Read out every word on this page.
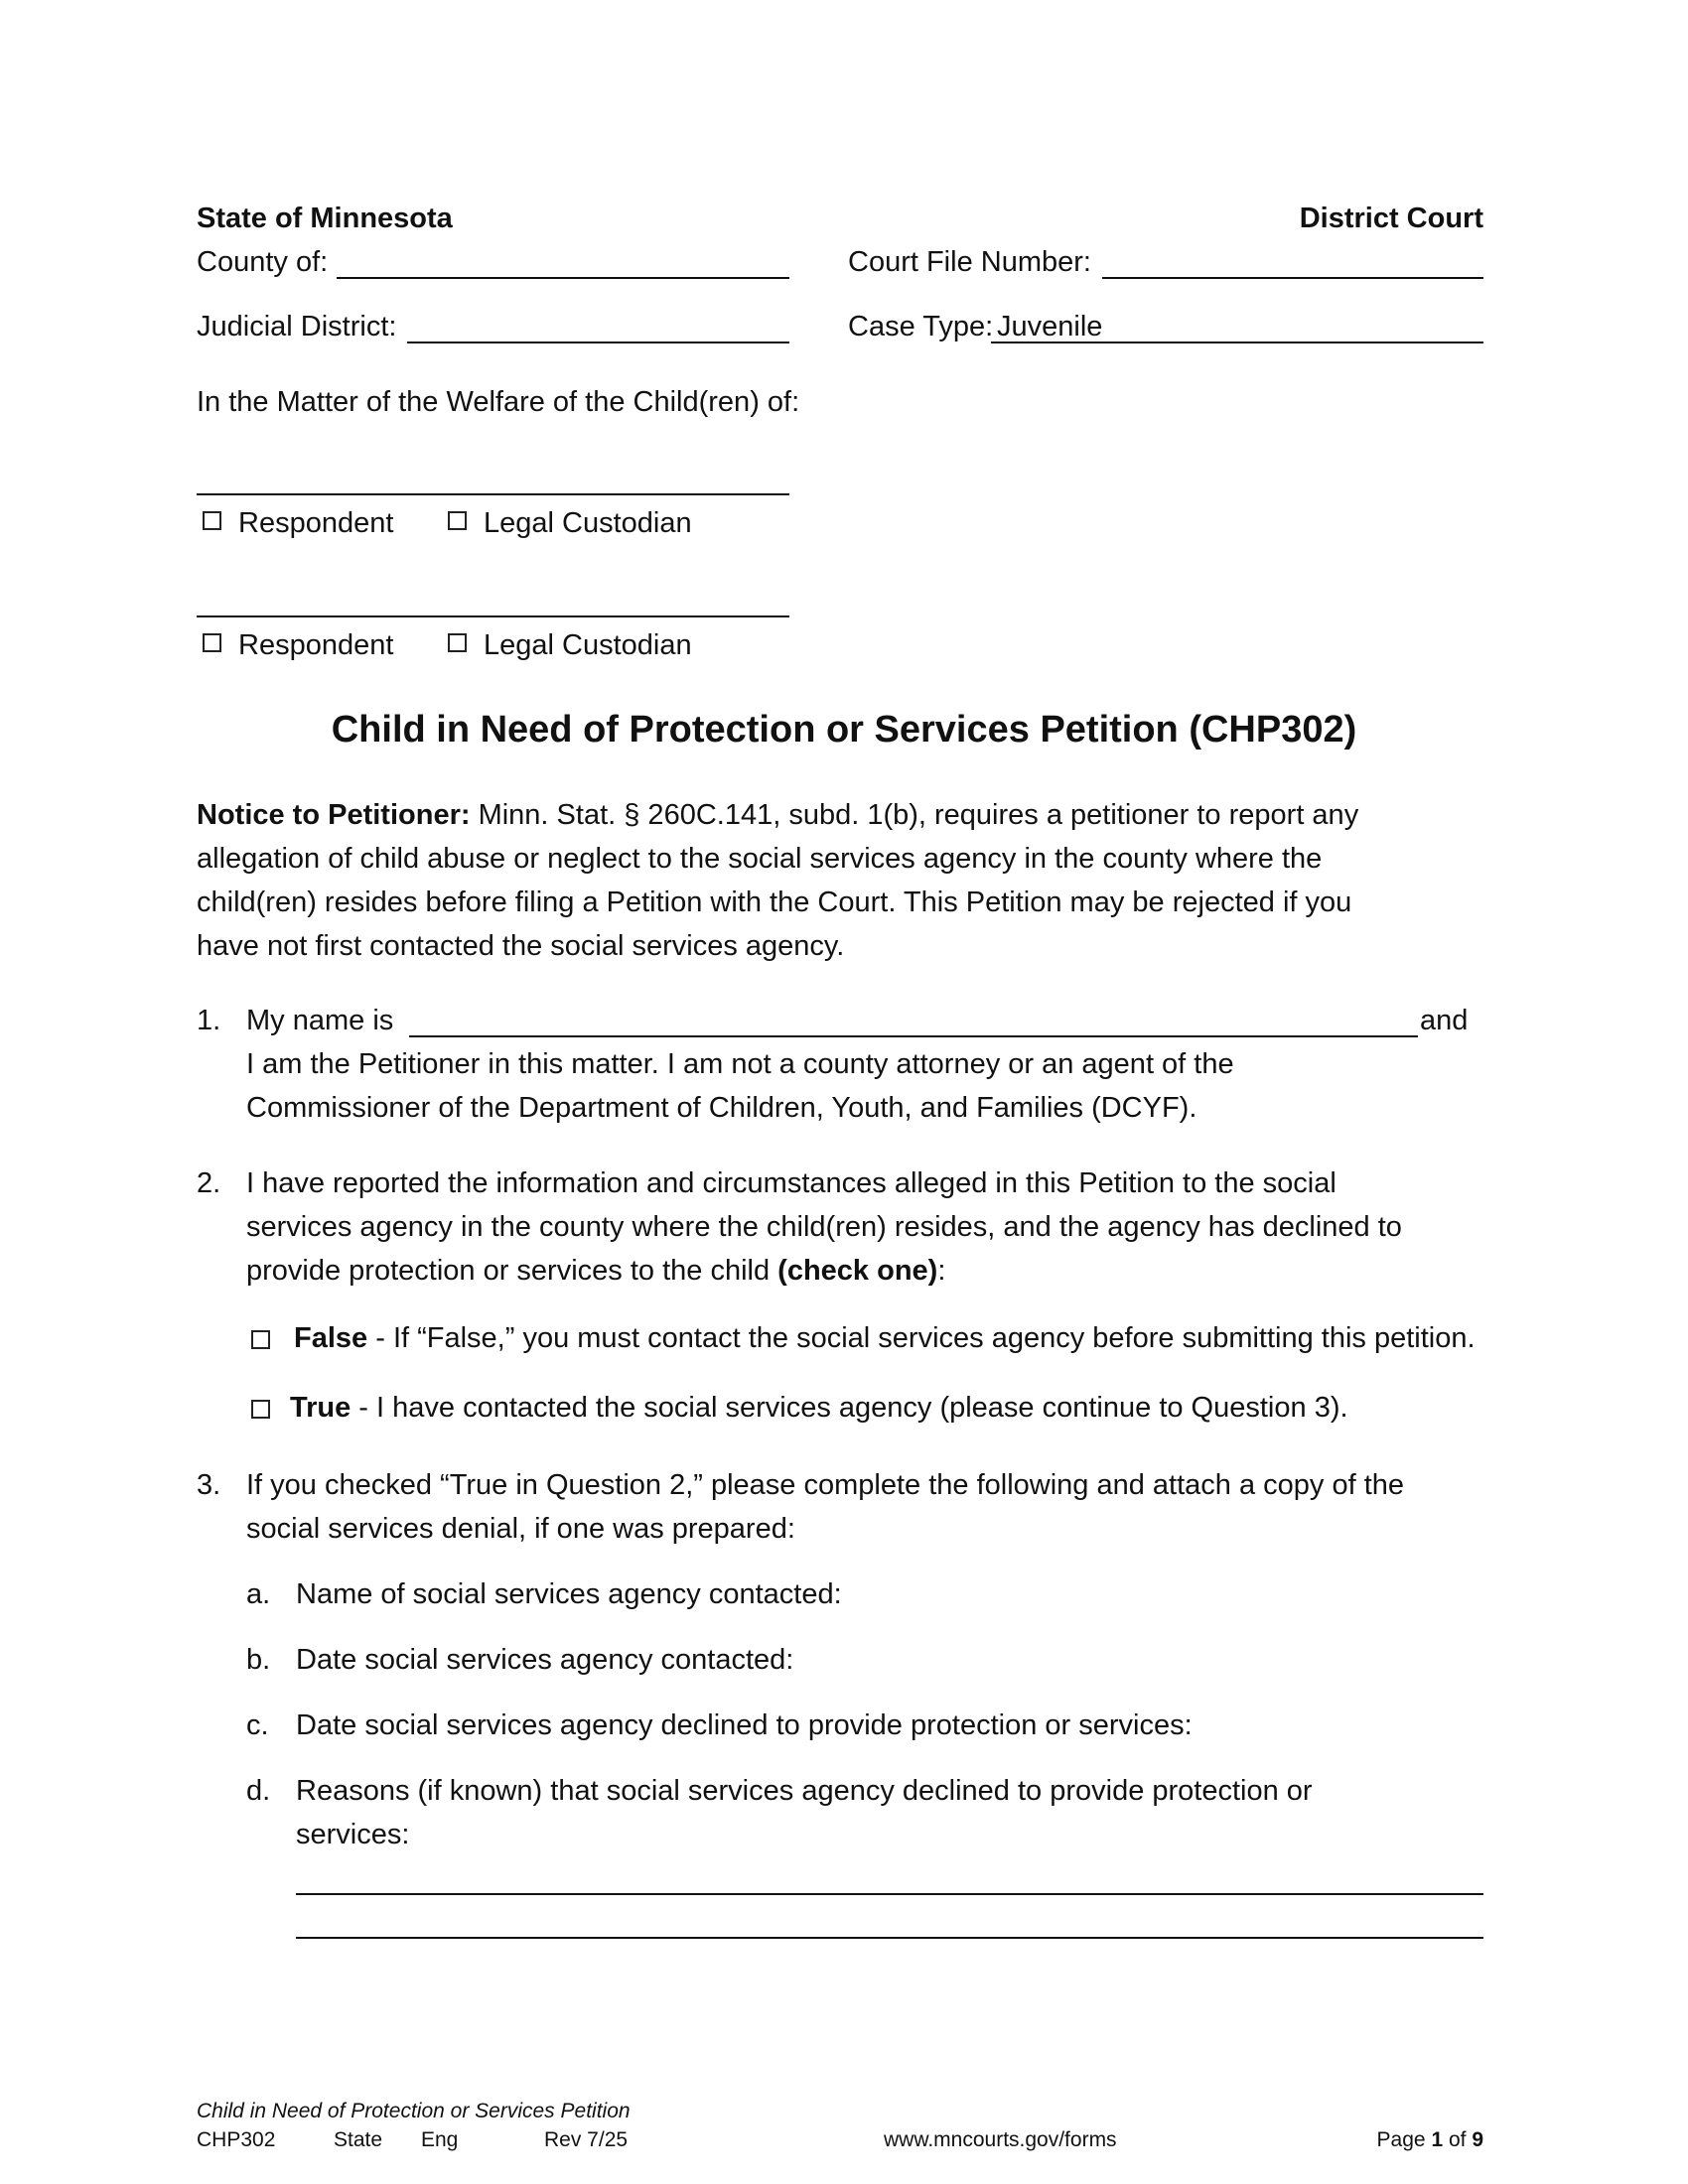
State of Minnesota	District Court
County of:	Court File Number:
Judicial District:	Case Type: Juvenile
In the Matter of the Welfare of the Child(ren) of:
Respondent	Legal Custodian
Respondent	Legal Custodian
Child in Need of Protection or Services Petition (CHP302)
Notice to Petitioner: Minn. Stat. § 260C.141, subd. 1(b), requires a petitioner to report any
allegation of child abuse or neglect to the social services agency in the county where the
child(ren) resides before filing a Petition with the Court. This Petition may be rejected if you
have not first contacted the social services agency.
1. My name is	and
I am the Petitioner in this matter. I am not a county attorney or an agent of the
Commissioner of the Department of Children, Youth, and Families (DCYF).
2. I have reported the information and circumstances alleged in this Petition to the social
services agency in the county where the child(ren) resides, and the agency has declined to
provide protection or services to the child (check one):
False - If “False,” you must contact the social services agency before submitting this petition.
True - I have contacted the social services agency (please continue to Question 3).
3. If you checked “True in Question 2,” please complete the following and attach a copy of the
social services denial, if one was prepared:
a. Name of social services agency contacted:
b. Date social services agency contacted:
c. Date social services agency declined to provide protection or services:
d. Reasons (if known) that social services agency declined to provide protection or
services:
Child in Need of Protection or Services Petition
CHP302	State Eng	Rev 7/25	www.mncourts.gov/forms	Page 1 of 9
